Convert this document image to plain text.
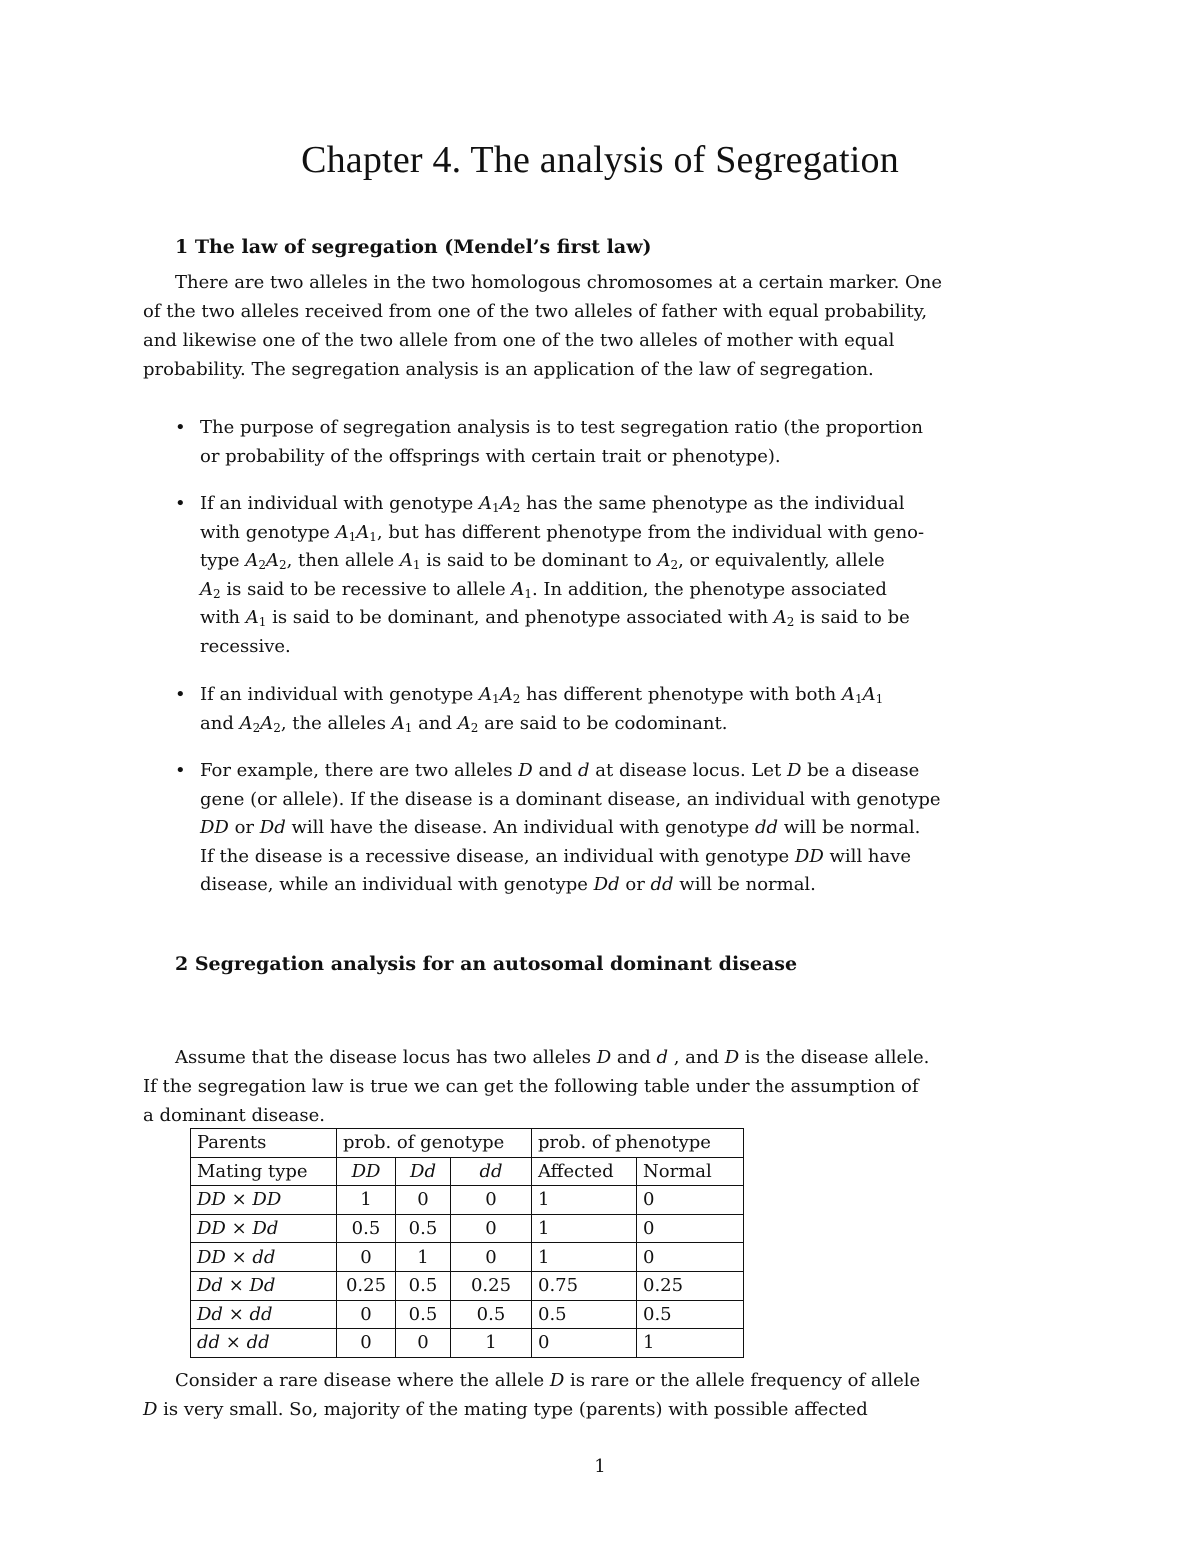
Chapter 4. The analysis of Segregation
1 The law of segregation (Mendel’s first law)
There are two alleles in the two homologous chromosomes at a certain marker. One
of the two alleles received from one of the two alleles of father with equal probability,
and likewise one of the two allele from one of the two alleles of mother with equal
probability. The segregation analysis is an application of the law of segregation.
• The purpose of segregation analysis is to test segregation ratio (the proportion
or probability of the offsprings with certain trait or phenotype).
• If an individual with genotype $A_1A_2$ has the same phenotype as the individual
with genotype $A_1A_1$, but has different phenotype from the individual with geno-
type $A_2A_2$, then allele $A_1$ is said to be dominant to $A_2$, or equivalently, allele
$A_2$ is said to be recessive to allele $A_1$. In addition, the phenotype associated
with $A_1$ is said to be dominant, and phenotype associated with $A_2$ is said to be
recessive.
• If an individual with genotype $A_1A_2$ has different phenotype with both $A_1A_1$
and $A_2A_2$, the alleles $A_1$ and $A_2$ are said to be codominant.
• For example, there are two alleles D and d at disease locus. Let D be a disease
gene (or allele). If the disease is a dominant disease, an individual with genotype
DD or Dd will have the disease. An individual with genotype dd will be normal.
If the disease is a recessive disease, an individual with genotype DD will have
disease, while an individual with genotype Dd or dd will be normal.
2 Segregation analysis for an autosomal dominant disease
Assume that the disease locus has two alleles D and d , and D is the disease allele.
If the segregation law is true we can get the following table under the assumption of
a dominant disease.
Parents	prob. of genotype			prob. of phenotype	
Mating type	DD	Dd	dd	Affected	Normal
DD × DD	1	0	0	1	0
DD × Dd	0.5	0.5	0	1	0
DD × dd	0	1	0	1	0
Dd × Dd	0.25	0.5	0.25	0.75	0.25
Dd × dd	0	0.5	0.5	0.5	0.5
dd × dd	0	0	1	0	1
Consider a rare disease where the allele D is rare or the allele frequency of allele
D is very small. So, majority of the mating type (parents) with possible affected
1
